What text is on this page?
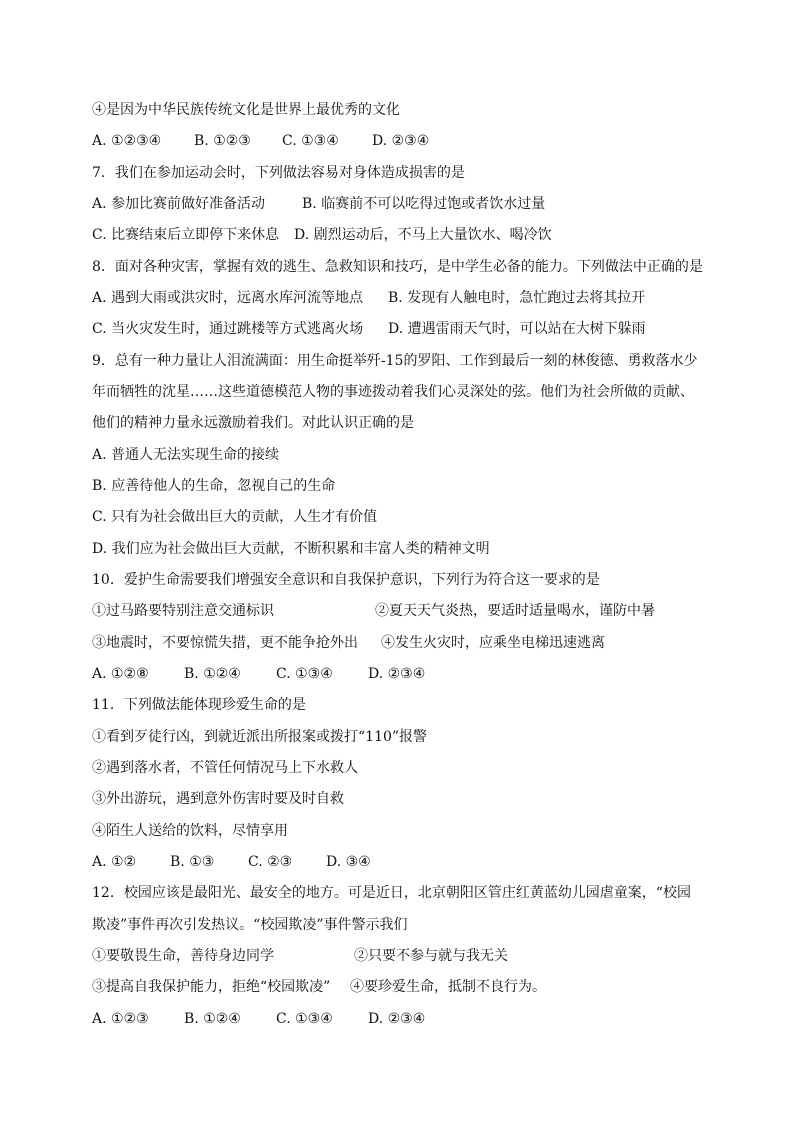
④是因为中华民族传统文化是世界上最优秀的文化
A. ①②③④ B. ①②③ C. ①③④ D. ②③④
7．我们在参加运动会时，下列做法容易对身体造成损害的是
A. 参加比赛前做好准备活动	B. 临赛前不可以吃得过饱或者饮水过量
C. 比赛结束后立即停下来休息 D. 剧烈运动后，不马上大量饮水、喝冷饮
8．面对各种灾害，掌握有效的逃生、急救知识和技巧，是中学生必备的能力。下列做法中正确的是
A. 遇到大雨或洪灾时，远离水库河流等地点 B. 发现有人触电时，急忙跑过去将其拉开
C. 当火灾发生时，通过跳楼等方式逃离火场 D. 遭遇雷雨天气时，可以站在大树下躲雨
9．总有一种力量让人泪流满面：用生命挺举歼-15的罗阳、工作到最后一刻的林俊德、勇救落水少
年而牺牲的沈星……这些道德模范人物的事迹拨动着我们心灵深处的弦。他们为社会所做的贡献、
他们的精神力量永远激励着我们。对此认识正确的是
A. 普通人无法实现生命的接续
B. 应善待他人的生命，忽视自己的生命
C. 只有为社会做出巨大的贡献，人生才有价值
D. 我们应为社会做出巨大贡献，不断积累和丰富人类的精神文明
10．爱护生命需要我们增强安全意识和自我保护意识，下列行为符合这一要求的是
①过马路要特别注意交通标识	②夏天天气炎热，要适时适量喝水，谨防中暑
③地震时，不要惊慌失措，更不能争抢外出 ④发生火灾时，应乘坐电梯迅速逃离
A. ①②⑧	B. ①②④	C. ①③④	D. ②③④
11．下列做法能体现珍爱生命的是
①看到歹徒行凶，到就近派出所报案或拨打“110”报警
②遇到落水者，不管任何情况马上下水救人
③外出游玩，遇到意外伤害时要及时自救
④陌生人送给的饮料，尽情享用
A. ①② B. ①③ C. ②③ D. ③④
12．校园应该是最阳光、最安全的地方。可是近日，北京朝阳区管庄红黄蓝幼儿园虐童案，“校园
欺凌”事件再次引发热议。“校园欺凌”事件警示我们
①要敬畏生命，善待身边同学	②只要不参与就与我无关
③提高自我保护能力，拒绝“校园欺凌” ④要珍爱生命，抵制不良行为。
A. ①②③	B. ①②④	C. ①③④	D. ②③④
